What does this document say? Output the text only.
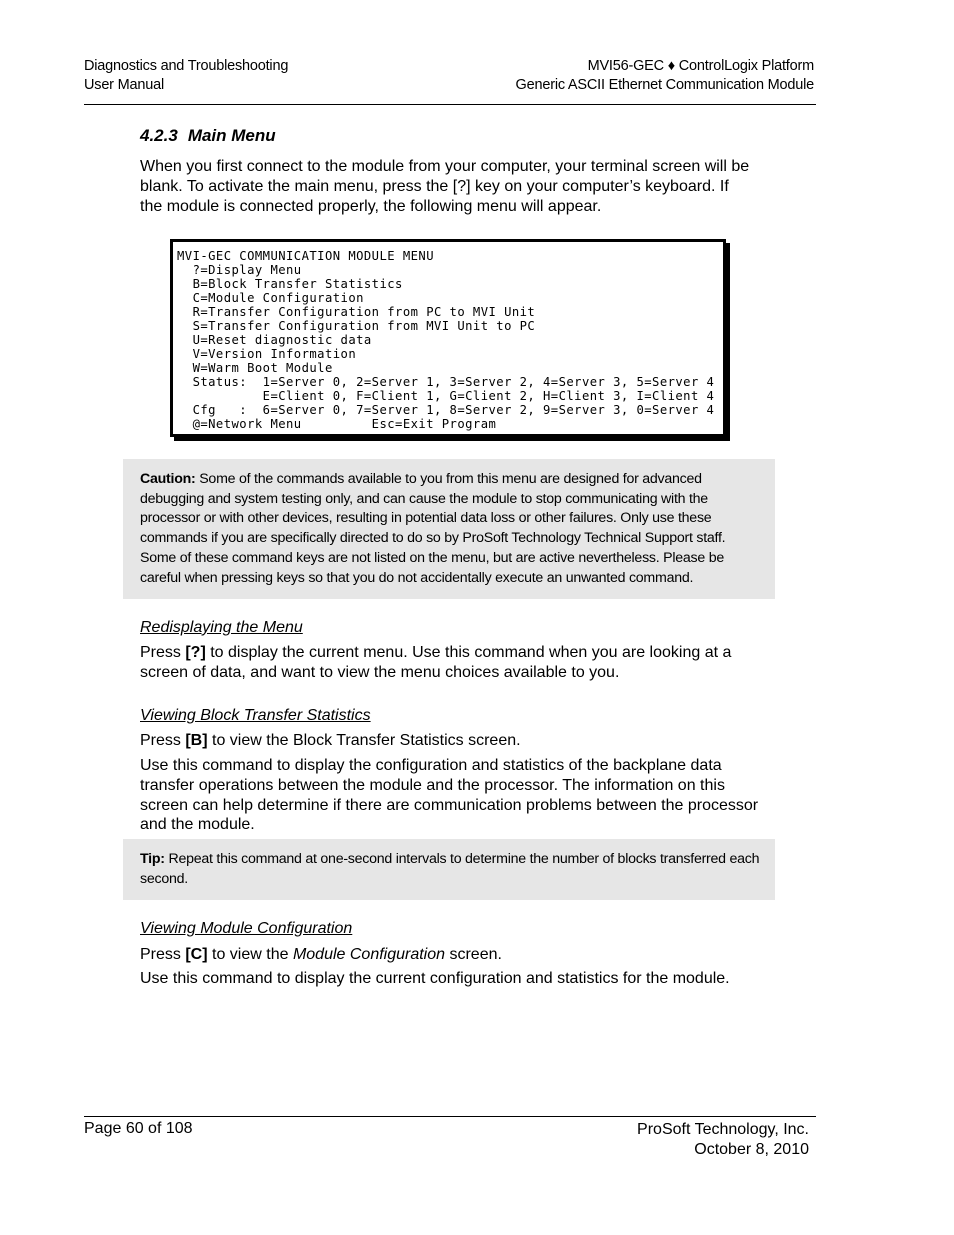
Diagnostics and Troubleshooting
User Manual
MVI56-GEC ♦ ControlLogix Platform
Generic ASCII Ethernet Communication Module
4.2.3 Main Menu
When you first connect to the module from your computer, your terminal screen will be blank. To activate the main menu, press the [?] key on your computer’s keyboard. If the module is connected properly, the following menu will appear.
MVI-GEC COMMUNICATION MODULE MENU
?=Display Menu
B=Block Transfer Statistics
C=Module Configuration
R=Transfer Configuration from PC to MVI Unit
S=Transfer Configuration from MVI Unit to PC
U=Reset diagnostic data
V=Version Information
W=Warm Boot Module
Status:  1=Server 0, 2=Server 1, 3=Server 2, 4=Server 3, 5=Server 4
E=Client 0, F=Client 1, G=Client 2, H=Client 3, I=Client 4
Cfg   :  6=Server 0, 7=Server 1, 8=Server 2, 9=Server 3, 0=Server 4
@=Network Menu         Esc=Exit Program
Caution: Some of the commands available to you from this menu are designed for advanced debugging and system testing only, and can cause the module to stop communicating with the processor or with other devices, resulting in potential data loss or other failures. Only use these commands if you are specifically directed to do so by ProSoft Technology Technical Support staff. Some of these command keys are not listed on the menu, but are active nevertheless. Please be careful when pressing keys so that you do not accidentally execute an unwanted command.
Redisplaying the Menu
Press [?] to display the current menu. Use this command when you are looking at a screen of data, and want to view the menu choices available to you.
Viewing Block Transfer Statistics
Press [B] to view the Block Transfer Statistics screen.
Use this command to display the configuration and statistics of the backplane data transfer operations between the module and the processor. The information on this screen can help determine if there are communication problems between the processor and the module.
Tip: Repeat this command at one-second intervals to determine the number of blocks transferred each second.
Viewing Module Configuration
Press [C] to view the Module Configuration screen.
Use this command to display the current configuration and statistics for the module.
Page 60 of 108	ProSoft Technology, Inc.
October 8, 2010
